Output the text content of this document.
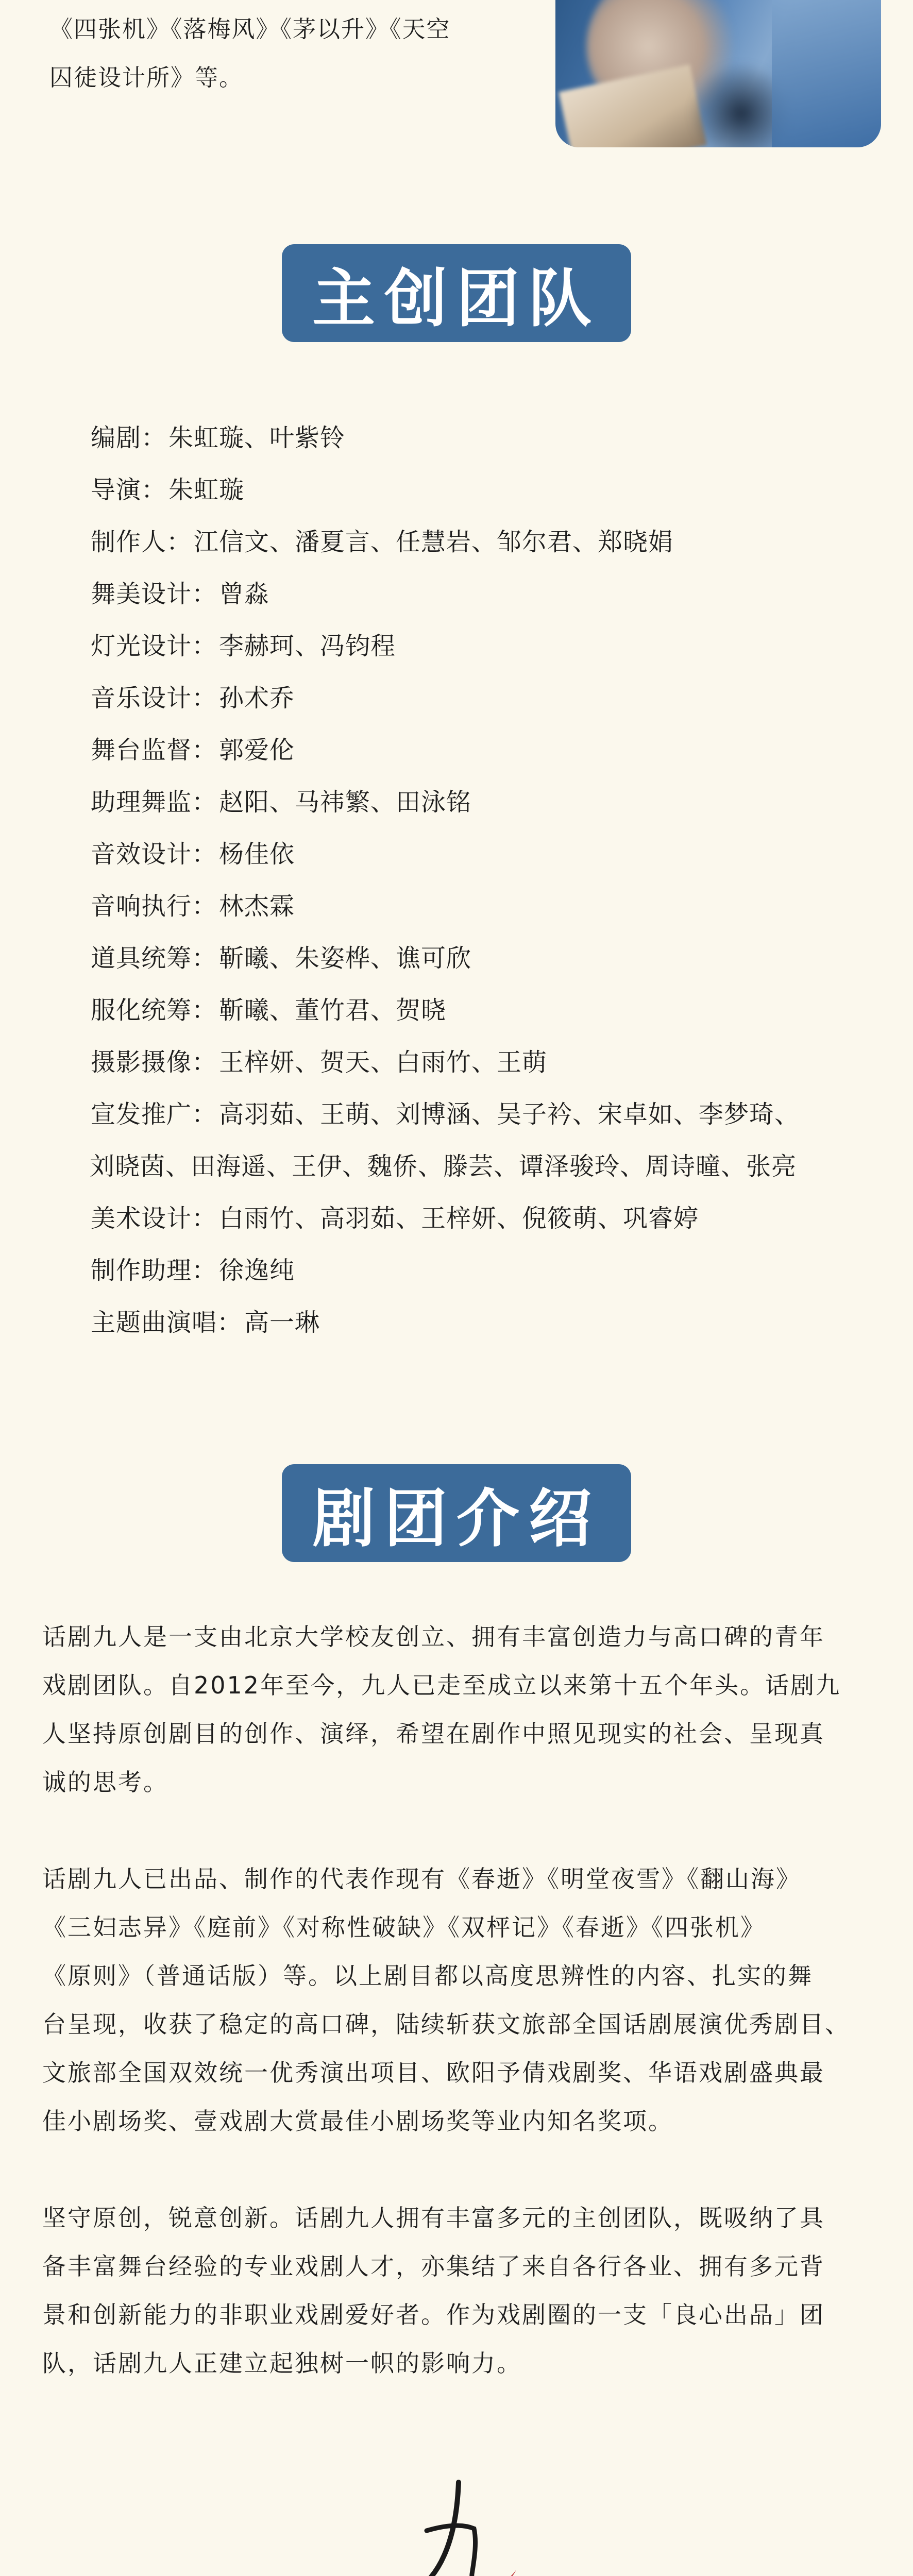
《四张机》《落梅风》《茅以升》《天空

囚徒设计所》等。

主创团队
编剧：朱虹璇、叶紫铃
导演：朱虹璇
制作人：江信文、潘夏言、任慧岩、邹尔君、郑晓娟
舞美设计：曾淼
灯光设计：李赫珂、冯钧程
音乐设计：孙术乔
舞台监督：郭爱伦
助理舞监：赵阳、马祎繁、田泳铭
音效设计：杨佳依
音响执行：林杰霖
道具统筹：靳曦、朱姿桦、谯可欣
服化统筹：靳曦、董竹君、贺晓
摄影摄像：王梓妍、贺天、白雨竹、王萌
宣发推广：高羽茹、王萌、刘博涵、吴子衿、宋卓如、李梦琦、
刘晓茵、田海遥、王伊、魏侨、滕芸、谭泽骏玲、周诗曈、张亮
美术设计：白雨竹、高羽茹、王梓妍、倪筱萌、巩睿婷
制作助理：徐逸纯
主题曲演唱：高一琳
剧团介绍

话剧九人是一支由北京大学校友创立、拥有丰富创造力与高口碑的青年
戏剧团队。自2012年至今，九人已走至成立以来第十五个年头。话剧九
人坚持原创剧目的创作、演绎，希望在剧作中照见现实的社会、呈现真
诚的思考。

话剧九人已出品、制作的代表作现有《春逝》《明堂夜雪》《翻山海》
《三妇志异》《庭前》《对称性破缺》《双枰记》《春逝》《四张机》
《原则》（普通话版）等。以上剧目都以高度思辨性的内容、扎实的舞
台呈现，收获了稳定的高口碑，陆续斩获文旅部全国话剧展演优秀剧目、
文旅部全国双效统一优秀演出项目、欧阳予倩戏剧奖、华语戏剧盛典最
佳小剧场奖、壹戏剧大赏最佳小剧场奖等业内知名奖项。

坚守原创，锐意创新。话剧九人拥有丰富多元的主创团队，既吸纳了具
备丰富舞台经验的专业戏剧人才，亦集结了来自各行各业、拥有多元背
景和创新能力的非职业戏剧爱好者。作为戏剧圈的一支「良心出品」团
队，话剧九人正建立起独树一帜的影响力。
